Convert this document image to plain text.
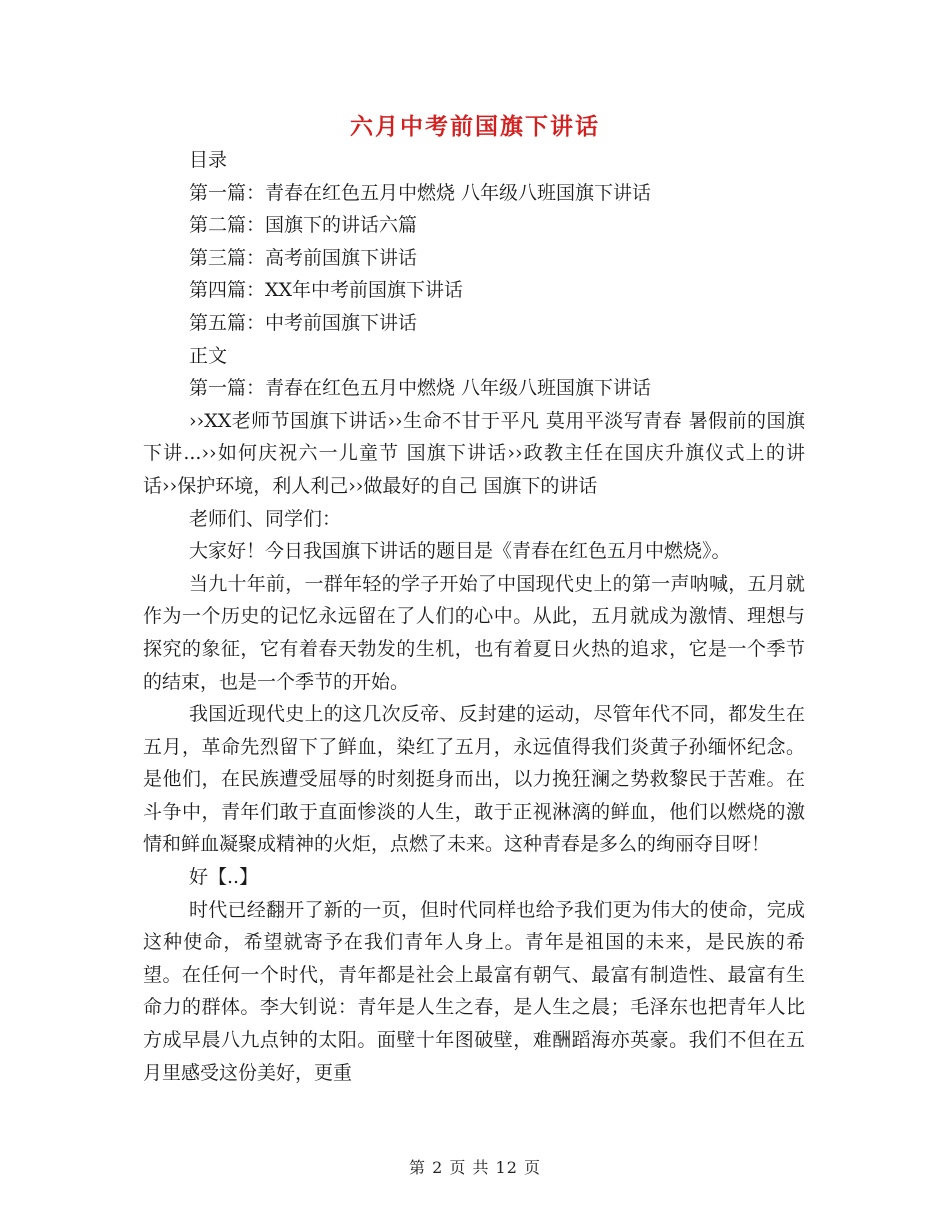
六月中考前国旗下讲话

目录

第一篇：青春在红色五月中燃烧 八年级八班国旗下讲话

第二篇：国旗下的讲话六篇

第三篇：高考前国旗下讲话

第四篇：XX年中考前国旗下讲话

第五篇：中考前国旗下讲话

正文

第一篇：青春在红色五月中燃烧 八年级八班国旗下讲话

››XX老师节国旗下讲话››生命不甘于平凡 莫用平淡写青春 暑假前的国旗下讲...››如何庆祝六一儿童节 国旗下讲话››政教主任在国庆升旗仪式上的讲话››保护环境，利人利己››做最好的自己 国旗下的讲话

老师们、同学们：

大家好！今日我国旗下讲话的题目是《青春在红色五月中燃烧》。

当九十年前，一群年轻的学子开始了中国现代史上的第一声呐喊，五月就作为一个历史的记忆永远留在了人们的心中。从此，五月就成为激情、理想与探究的象征，它有着春天勃发的生机，也有着夏日火热的追求，它是一个季节的结束，也是一个季节的开始。

我国近现代史上的这几次反帝、反封建的运动，尽管年代不同，都发生在五月，革命先烈留下了鲜血，染红了五月，永远值得我们炎黄子孙缅怀纪念。是他们，在民族遭受屈辱的时刻挺身而出，以力挽狂澜之势救黎民于苦难。在斗争中，青年们敢于直面惨淡的人生，敢于正视淋漓的鲜血，他们以燃烧的激情和鲜血凝聚成精神的火炬，点燃了未来。这种青春是多么的绚丽夺目呀！

好【..】

时代已经翻开了新的一页，但时代同样也给予我们更为伟大的使命，完成这种使命，希望就寄予在我们青年人身上。青年是祖国的未来，是民族的希望。在任何一个时代，青年都是社会上最富有朝气、最富有制造性、最富有生命力的群体。李大钊说：青年是人生之春，是人生之晨；毛泽东也把青年人比方成早晨八九点钟的太阳。面壁十年图破壁，难酬蹈海亦英豪。我们不但在五月里感受这份美好，更重

第 2 页 共 12 页
